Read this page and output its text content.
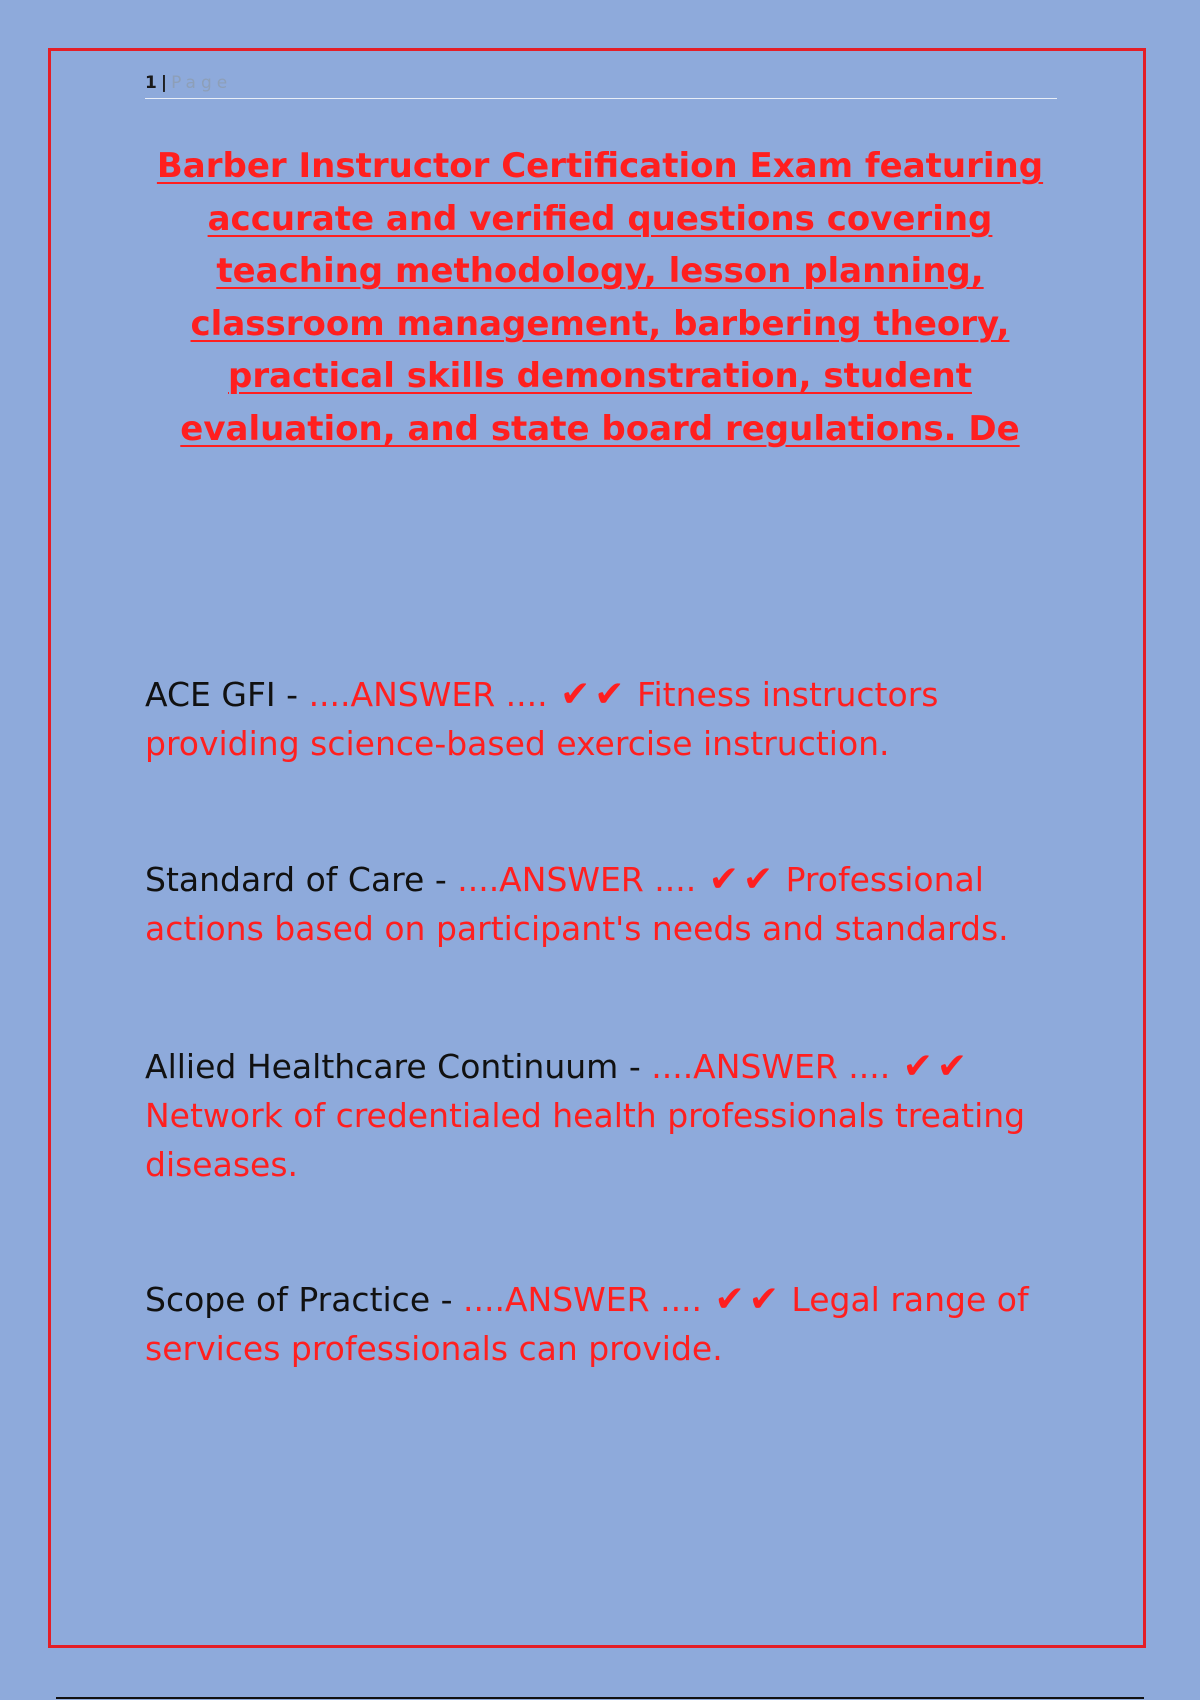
1 | Page
Barber Instructor Certification Exam featuring accurate and verified questions covering teaching methodology, lesson planning, classroom management, barbering theory, practical skills demonstration, student evaluation, and state board regulations. De

ACE GFI - ....ANSWER .... ✔ ✔ Fitness instructors providing science-based exercise instruction.

Standard of Care - ....ANSWER .... ✔ ✔ Professional actions based on participant's needs and standards.

Allied Healthcare Continuum - ....ANSWER .... ✔ ✔ Network of credentialed health professionals treating diseases.

Scope of Practice - ....ANSWER .... ✔ ✔ Legal range of services professionals can provide.
